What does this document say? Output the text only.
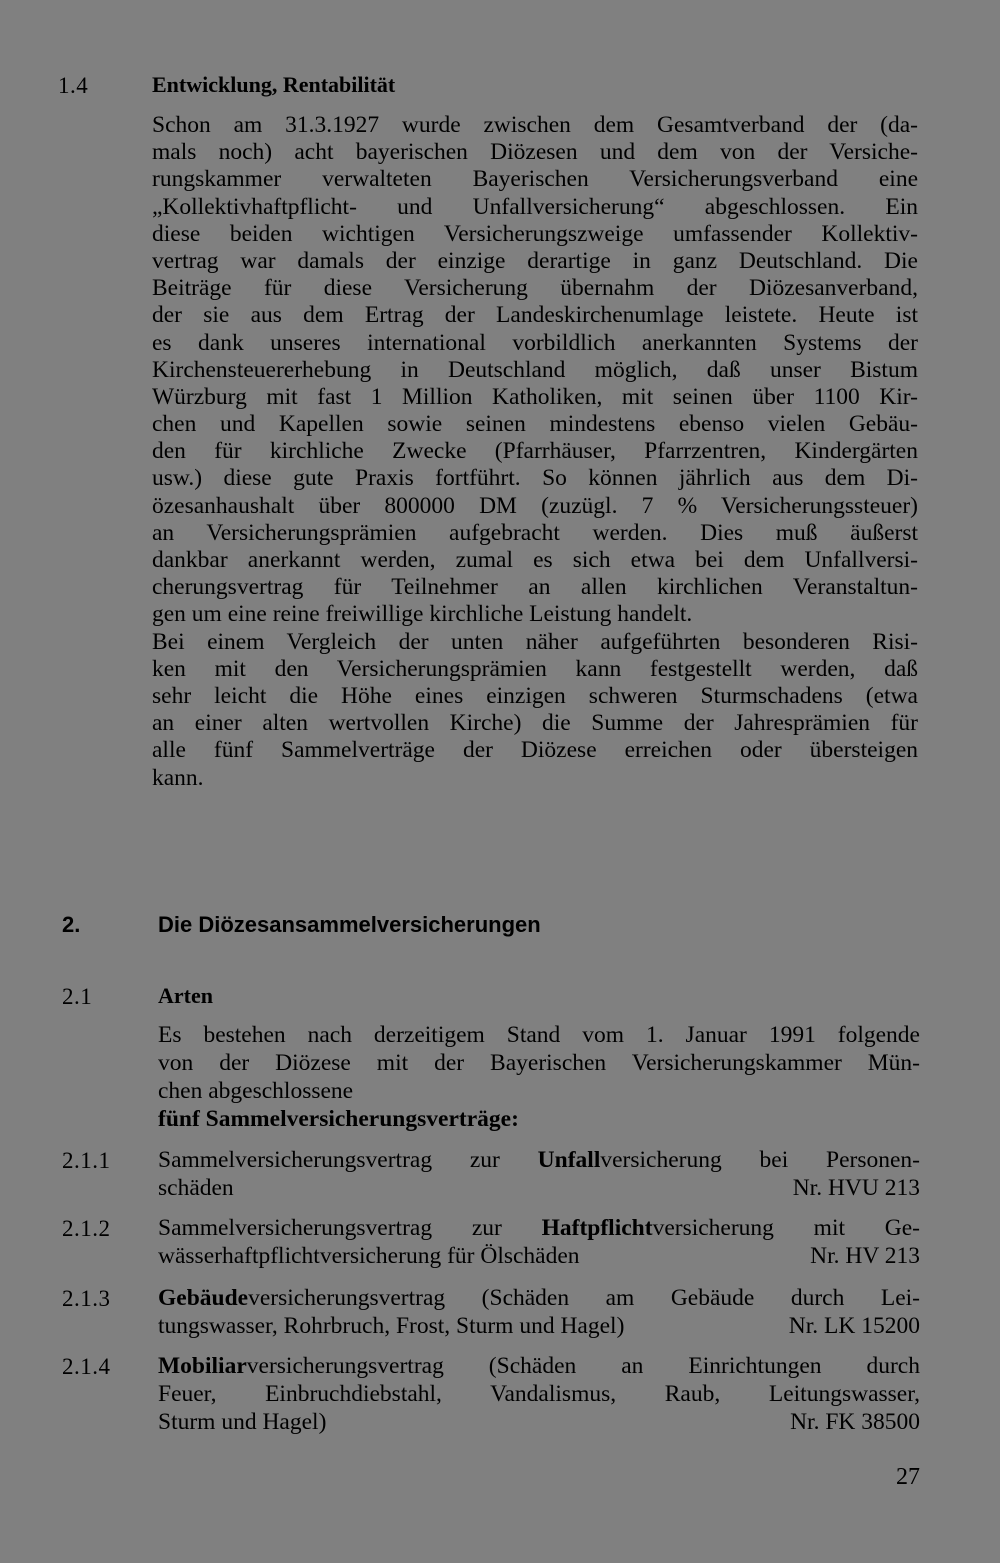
1.4	Entwicklung, Rentabilität
Schon am 31.3.1927 wurde zwischen dem Gesamtverband der (da-
mals noch) acht bayerischen Diözesen und dem von der Versiche-
rungskammer verwalteten Bayerischen Versicherungsverband eine
„Kollektivhaftpflicht- und Unfallversicherung“ abgeschlossen. Ein
diese beiden wichtigen Versicherungszweige umfassender Kollektiv-
vertrag war damals der einzige derartige in ganz Deutschland. Die
Beiträge für diese Versicherung übernahm der Diözesanverband,
der sie aus dem Ertrag der Landeskirchenumlage leistete. Heute ist
es dank unseres international vorbildlich anerkannten Systems der
Kirchensteuererhebung in Deutschland möglich, daß unser Bistum
Würzburg mit fast 1 Million Katholiken, mit seinen über 1100 Kir-
chen und Kapellen sowie seinen mindestens ebenso vielen Gebäu-
den für kirchliche Zwecke (Pfarrhäuser, Pfarrzentren, Kindergärten
usw.) diese gute Praxis fortführt. So können jährlich aus dem Di-
özesanhaushalt über 800000 DM (zuzügl. 7 % Versicherungssteuer)
an Versicherungsprämien aufgebracht werden. Dies muß äußerst
dankbar anerkannt werden, zumal es sich etwa bei dem Unfallversi-
cherungsvertrag für Teilnehmer an allen kirchlichen Veranstaltun-
gen um eine reine freiwillige kirchliche Leistung handelt.
Bei einem Vergleich der unten näher aufgeführten besonderen Risi-
ken mit den Versicherungsprämien kann festgestellt werden, daß
sehr leicht die Höhe eines einzigen schweren Sturmschadens (etwa
an einer alten wertvollen Kirche) die Summe der Jahresprämien für
alle fünf Sammelverträge der Diözese erreichen oder übersteigen
kann.
2.	Die Diözesansammelversicherungen
2.1	Arten
Es bestehen nach derzeitigem Stand vom 1. Januar 1991 folgende
von der Diözese mit der Bayerischen Versicherungskammer Mün-
chen abgeschlossene
fünf Sammelversicherungsverträge:
2.1.1 Sammelversicherungsvertrag zur Unfallversicherung bei Personen-
schäden	Nr. HVU 213
2.1.2 Sammelversicherungsvertrag zur Haftpflichtversicherung mit Ge-
wässerhaftpflichtversicherung für Ölschäden	Nr. HV 213
2.1.3 Gebäudeversicherungsvertrag (Schäden am Gebäude durch Lei-
tungswasser, Rohrbruch, Frost, Sturm und Hagel)	Nr. LK 15200
2.1.4 Mobiliarversicherungsvertrag (Schäden an Einrichtungen durch
Feuer, Einbruchdiebstahl, Vandalismus, Raub, Leitungswasser,
Sturm und Hagel)	Nr. FK 38500
27
